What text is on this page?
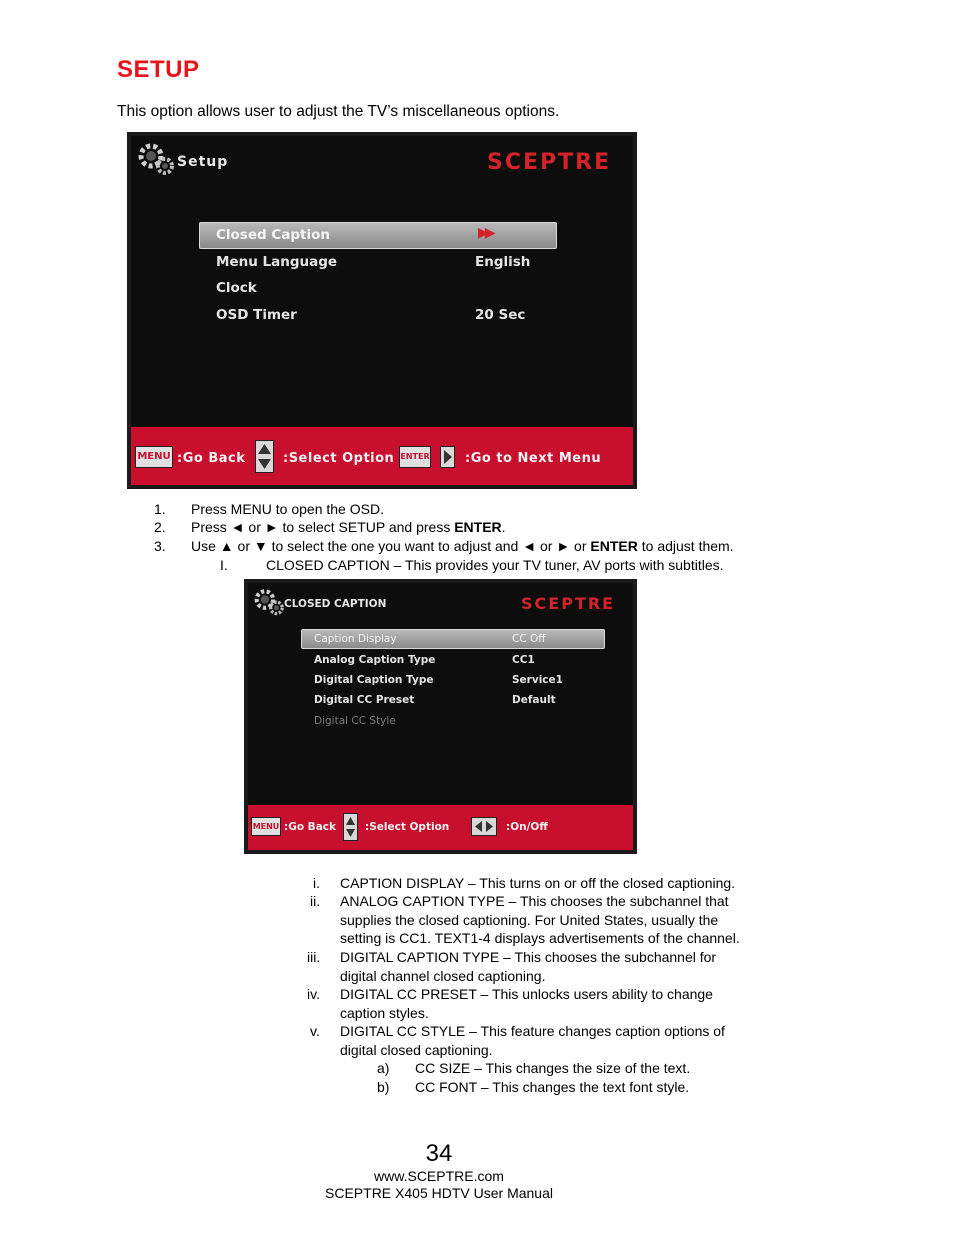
SETUP
This option allows user to adjust the TV’s miscellaneous options.
Setup	SCEPTRE
Closed Caption	▶▶
Menu Language	English
Clock
OSD Timer	20 Sec
MENU :Go Back	:Select Option ENTER	:Go to Next Menu
1. Press MENU to open the OSD.
2. Press ◄ or ► to select SETUP and press ENTER.
3. Use ▲ or ▼ to select the one you want to adjust and ◄ or ► or ENTER to adjust them.
I.	CLOSED CAPTION – This provides your TV tuner, AV ports with subtitles.
CLOSED CAPTION	SCEPTRE
Caption Display	CC Off
Analog Caption Type	CC1
Digital Caption Type	Service1
Digital CC Preset	Default
Digital CC Style
MENU :Go Back	:Select Option	:On/Off
i. CAPTION DISPLAY – This turns on or off the closed captioning.
ii. ANALOG CAPTION TYPE – This chooses the subchannel that
supplies the closed captioning. For United States, usually the
setting is CC1. TEXT1-4 displays advertisements of the channel.
iii. DIGITAL CAPTION TYPE – This chooses the subchannel for
digital channel closed captioning.
iv. DIGITAL CC PRESET – This unlocks users ability to change
caption styles.
v. DIGITAL CC STYLE – This feature changes caption options of
digital closed captioning.
a) CC SIZE – This changes the size of the text.
b) CC FONT – This changes the text font style.
34
www.SCEPTRE.com
SCEPTRE X405 HDTV User Manual
